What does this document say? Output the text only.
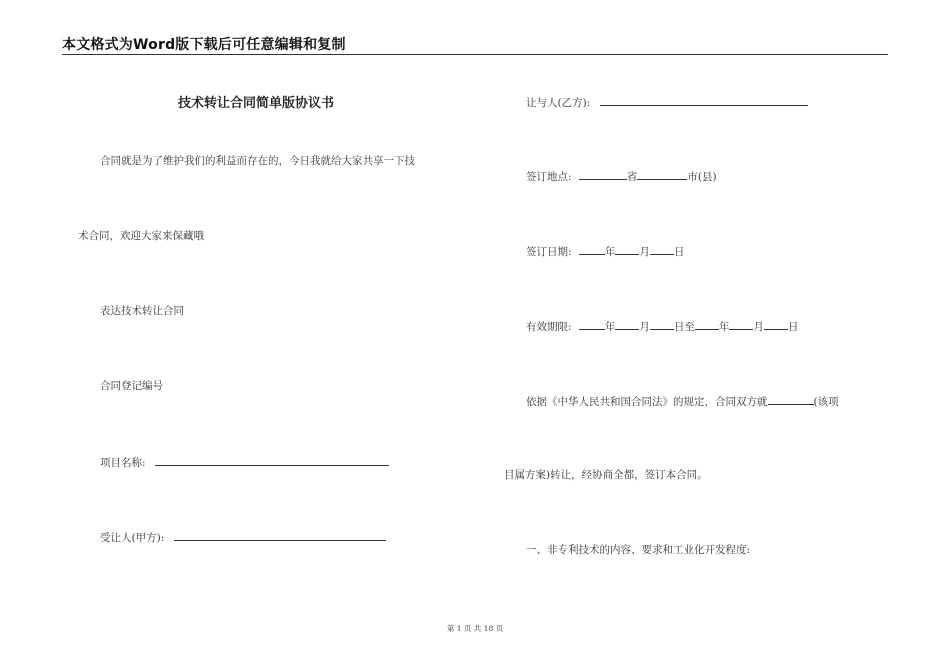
本文格式为Word版下载后可任意编辑和复制
技术转让合同简单版协议书
合同就是为了维护我们的利益而存在的，今日我就给大家共享一下技
术合同，欢迎大家来保藏哦
表达技术转让合同
合同登记编号
项目名称:
受让人(甲方):
让与人(乙方):
签订地点:	省	市(县)
签订日期:	年 月 日
有效期限:	年 月 日至 年 月 日
依据《中华人民共和国合同法》的规定，合同双方就	(该项
目属方案)转让，经协商全都，签订本合同。
一、非专利技术的内容、要求和工业化开发程度:
第 1 页 共 18 页
